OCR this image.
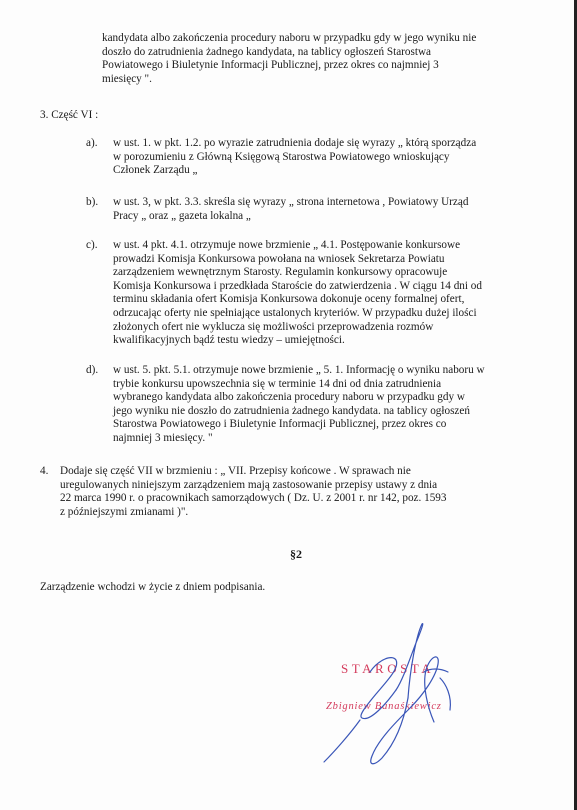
kandydata albo zakończenia procedury naboru w przypadku gdy w jego wyniku nie
doszło do zatrudnienia żadnego kandydata, na tablicy ogłoszeń Starostwa
Powiatowego i Biuletynie Informacji Publicznej, przez okres co najmniej 3
miesięcy ".
3. Część VI :
a). w ust. 1. w pkt. 1.2. po wyrazie zatrudnienia dodaje się wyrazy „ którą sporządza
w porozumieniu z Główną Księgową Starostwa Powiatowego wnioskujący
Członek Zarządu „
b). w ust. 3, w pkt. 3.3. skreśla się wyrazy „ strona internetowa , Powiatowy Urząd
Pracy „ oraz „ gazeta lokalna „
c). w ust. 4 pkt. 4.1. otrzymuje nowe brzmienie „ 4.1. Postępowanie konkursowe
prowadzi Komisja Konkursowa powołana na wniosek Sekretarza Powiatu
zarządzeniem wewnętrznym Starosty. Regulamin konkursowy opracowuje
Komisja Konkursowa i przedkłada Staroście do zatwierdzenia . W ciągu 14 dni od
terminu składania ofert Komisja Konkursowa dokonuje oceny formalnej ofert,
odrzucając oferty nie spełniające ustalonych kryteriów. W przypadku dużej ilości
złożonych ofert nie wyklucza się możliwości przeprowadzenia rozmów
kwalifikacyjnych bądź testu wiedzy – umiejętności.
d). w ust. 5. pkt. 5.1. otrzymuje nowe brzmienie „ 5. 1. Informację o wyniku naboru w
trybie konkursu upowszechnia się w terminie 14 dni od dnia zatrudnienia
wybranego kandydata albo zakończenia procedury naboru w przypadku gdy w
jego wyniku nie doszło do zatrudnienia żadnego kandydata. na tablicy ogłoszeń
Starostwa Powiatowego i Biuletynie Informacji Publicznej, przez okres co
najmniej 3 miesięcy. "
4. Dodaje się część VII w brzmieniu : „ VII. Przepisy końcowe . W sprawach nie
uregulowanych niniejszym zarządzeniem mają zastosowanie przepisy ustawy z dnia
22 marca 1990 r. o pracownikach samorządowych ( Dz. U. z 2001 r. nr 142, poz. 1593
z późniejszymi zmianami )".
§2
Zarządzenie wchodzi w życie z dniem podpisania.
STAROSTA
Zbigniew Banaśkiewicz
